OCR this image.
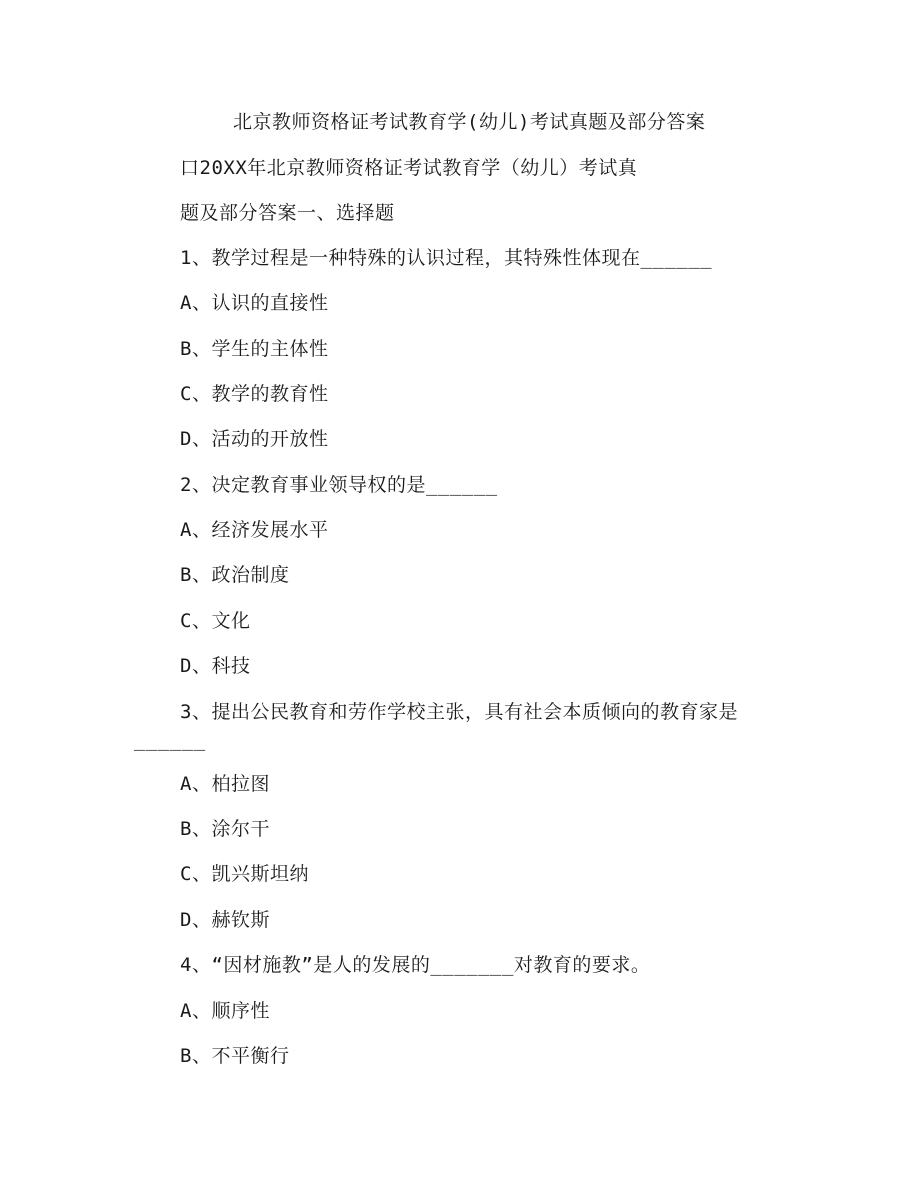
北京教师资格证考试教育学(幼儿)考试真题及部分答案
口20XX年北京教师资格证考试教育学（幼儿）考试真
题及部分答案一、选择题
1、教学过程是一种特殊的认识过程，其特殊性体现在______
A、认识的直接性
B、学生的主体性
C、教学的教育性
D、活动的开放性
2、决定教育事业领导权的是______
A、经济发展水平
B、政治制度
C、文化
D、科技
3、提出公民教育和劳作学校主张，具有社会本质倾向的教育家是
______
A、柏拉图
B、涂尔干
C、凯兴斯坦纳
D、赫钦斯
4、“因材施教”是人的发展的_______对教育的要求。
A、顺序性
B、不平衡行
